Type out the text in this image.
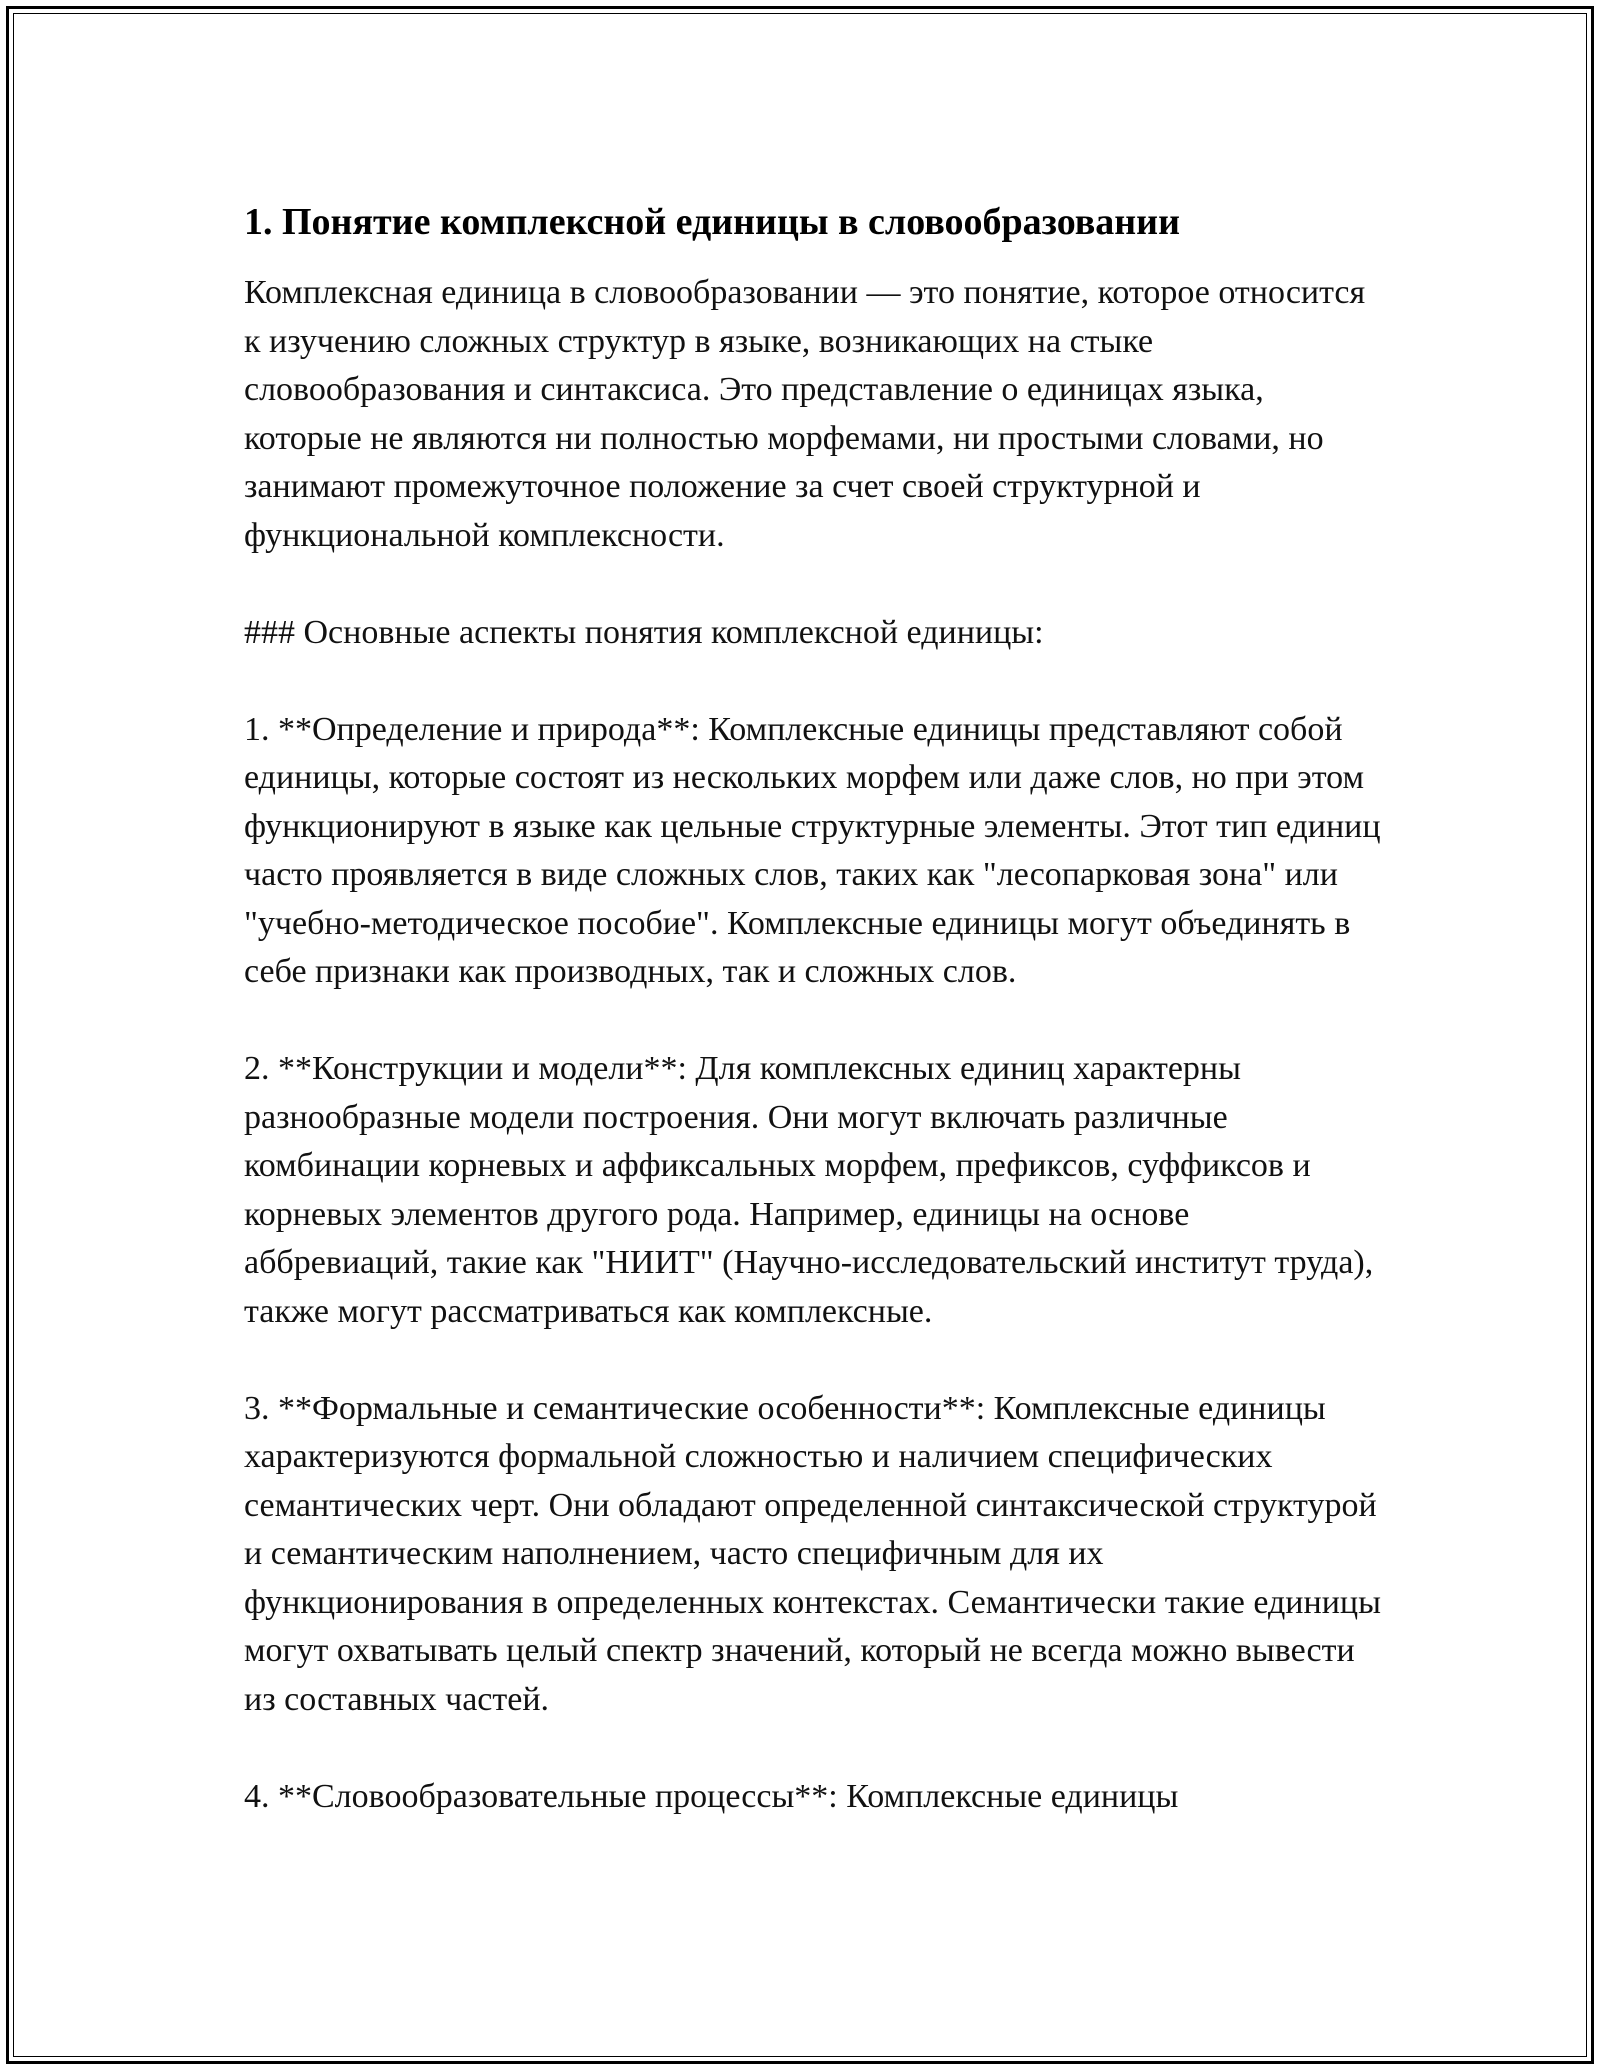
1. Понятие комплексной единицы в словообразовании

Комплексная единица в словообразовании — это понятие, которое относится к изучению сложных структур в языке, возникающих на стыке словообразования и синтаксиса. Это представление о единицах языка, которые не являются ни полностью морфемами, ни простыми словами, но занимают промежуточное положение за счет своей структурной и функциональной комплексности.

### Основные аспекты понятия комплексной единицы:

1. **Определение и природа**: Комплексные единицы представляют собой единицы, которые состоят из нескольких морфем или даже слов, но при этом функционируют в языке как цельные структурные элементы. Этот тип единиц часто проявляется в виде сложных слов, таких как "лесопарковая зона" или "учебно-методическое пособие". Комплексные единицы могут объединять в себе признаки как производных, так и сложных слов.

2. **Конструкции и модели**: Для комплексных единиц характерны разнообразные модели построения. Они могут включать различные комбинации корневых и аффиксальных морфем, префиксов, суффиксов и корневых элементов другого рода. Например, единицы на основе аббревиаций, такие как "НИИТ" (Научно-исследовательский институт труда), также могут рассматриваться как комплексные.

3. **Формальные и семантические особенности**: Комплексные единицы характеризуются формальной сложностью и наличием специфических семантических черт. Они обладают определенной синтаксической структурой и семантическим наполнением, часто специфичным для их функционирования в определенных контекстах. Семантически такие единицы могут охватывать целый спектр значений, который не всегда можно вывести из составных частей.

4. **Словообразовательные процессы**: Комплексные единицы
